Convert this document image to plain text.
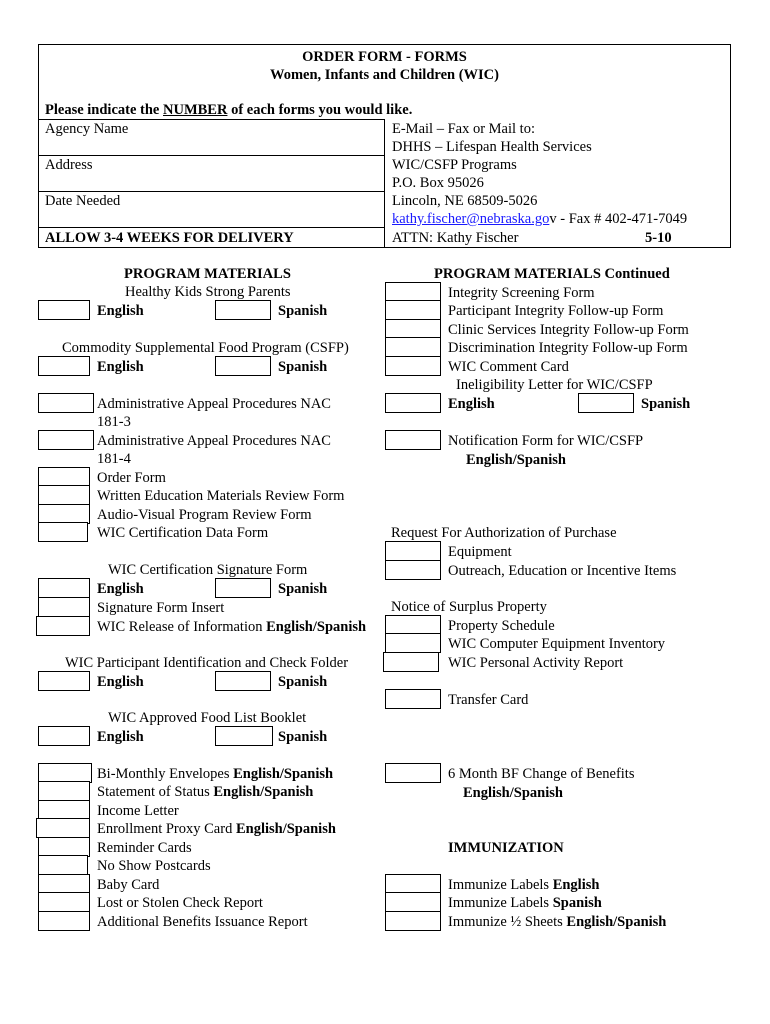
ORDER FORM - FORMS
Women, Infants and Children (WIC)
Please indicate the NUMBER of each forms you would like.
Agency Name
Address
Date Needed
ALLOW 3-4 WEEKS FOR DELIVERY
E-Mail – Fax or Mail to:
DHHS – Lifespan Health Services
WIC/CSFP Programs
P.O. Box 95026
Lincoln, NE 68509-5026
kathy.fischer@nebraska.gov - Fax # 402-471-7049
ATTN: Kathy Fischer	5-10
PROGRAM MATERIALS
Healthy Kids Strong Parents
English	Spanish
Commodity Supplemental Food Program (CSFP)
English	Spanish
Administrative Appeal Procedures NAC
181-3
Administrative Appeal Procedures NAC
181-4
Order Form
Written Education Materials Review Form
Audio-Visual Program Review Form
WIC Certification Data Form
WIC Certification Signature Form
English	Spanish
Signature Form Insert
WIC Release of Information English/Spanish
WIC Participant Identification and Check Folder
English	Spanish
WIC Approved Food List Booklet
English	Spanish
Bi-Monthly Envelopes English/Spanish
Statement of Status English/Spanish
Income Letter
Enrollment Proxy Card English/Spanish
Reminder Cards
No Show Postcards
Baby Card
Lost or Stolen Check Report
Additional Benefits Issuance Report
PROGRAM MATERIALS Continued
Integrity Screening Form
Participant Integrity Follow-up Form
Clinic Services Integrity Follow-up Form
Discrimination Integrity Follow-up Form
WIC Comment Card
Ineligibility Letter for WIC/CSFP
English	Spanish
Notification Form for WIC/CSFP
English/Spanish
Request For Authorization of Purchase
Equipment
Outreach, Education or Incentive Items
Notice of Surplus Property
Property Schedule
WIC Computer Equipment Inventory
WIC Personal Activity Report
Transfer Card
6 Month BF Change of Benefits
English/Spanish
IMMUNIZATION
Immunize Labels English
Immunize Labels Spanish
Immunize ½ Sheets English/Spanish
